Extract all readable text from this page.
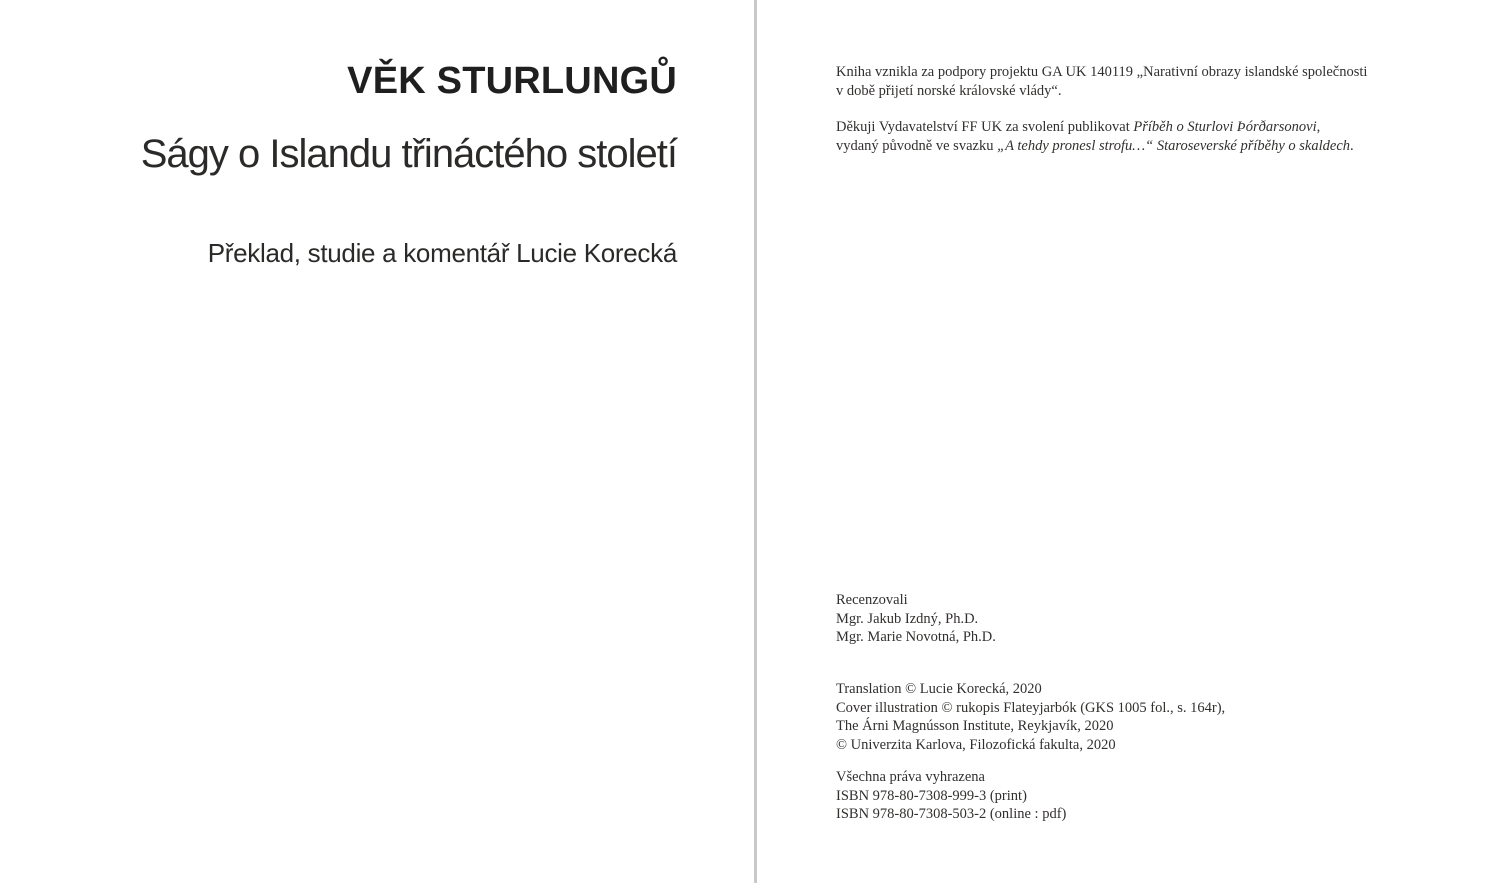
VĚK STURLUNGŮ
Ságy o Islandu třináctého století

Překlad, studie a komentář Lucie Korecká

Kniha vznikla za podpory projektu GA UK 140119 „Narativní obrazy islandské společnosti
v době přijetí norské královské vlády“.
Děkuji Vydavatelství FF UK za svolení publikovat Příběh o Sturlovi Þórðarsonovi,
vydaný původně ve svazku „A tehdy pronesl strofu…“ Staroseverské příběhy o skaldech.
Recenzovali
Mgr. Jakub Izdný, Ph.D.
Mgr. Marie Novotná, Ph.D.
Translation © Lucie Korecká, 2020
Cover illustration © rukopis Flateyjarbók (GKS 1005 fol., s. 164r),
The Árni Magnússon Institute, Reykjavík, 2020
© Univerzita Karlova, Filozofická fakulta, 2020
Všechna práva vyhrazena
ISBN 978-80-7308-999-3 (print)
ISBN 978-80-7308-503-2 (online : pdf)
